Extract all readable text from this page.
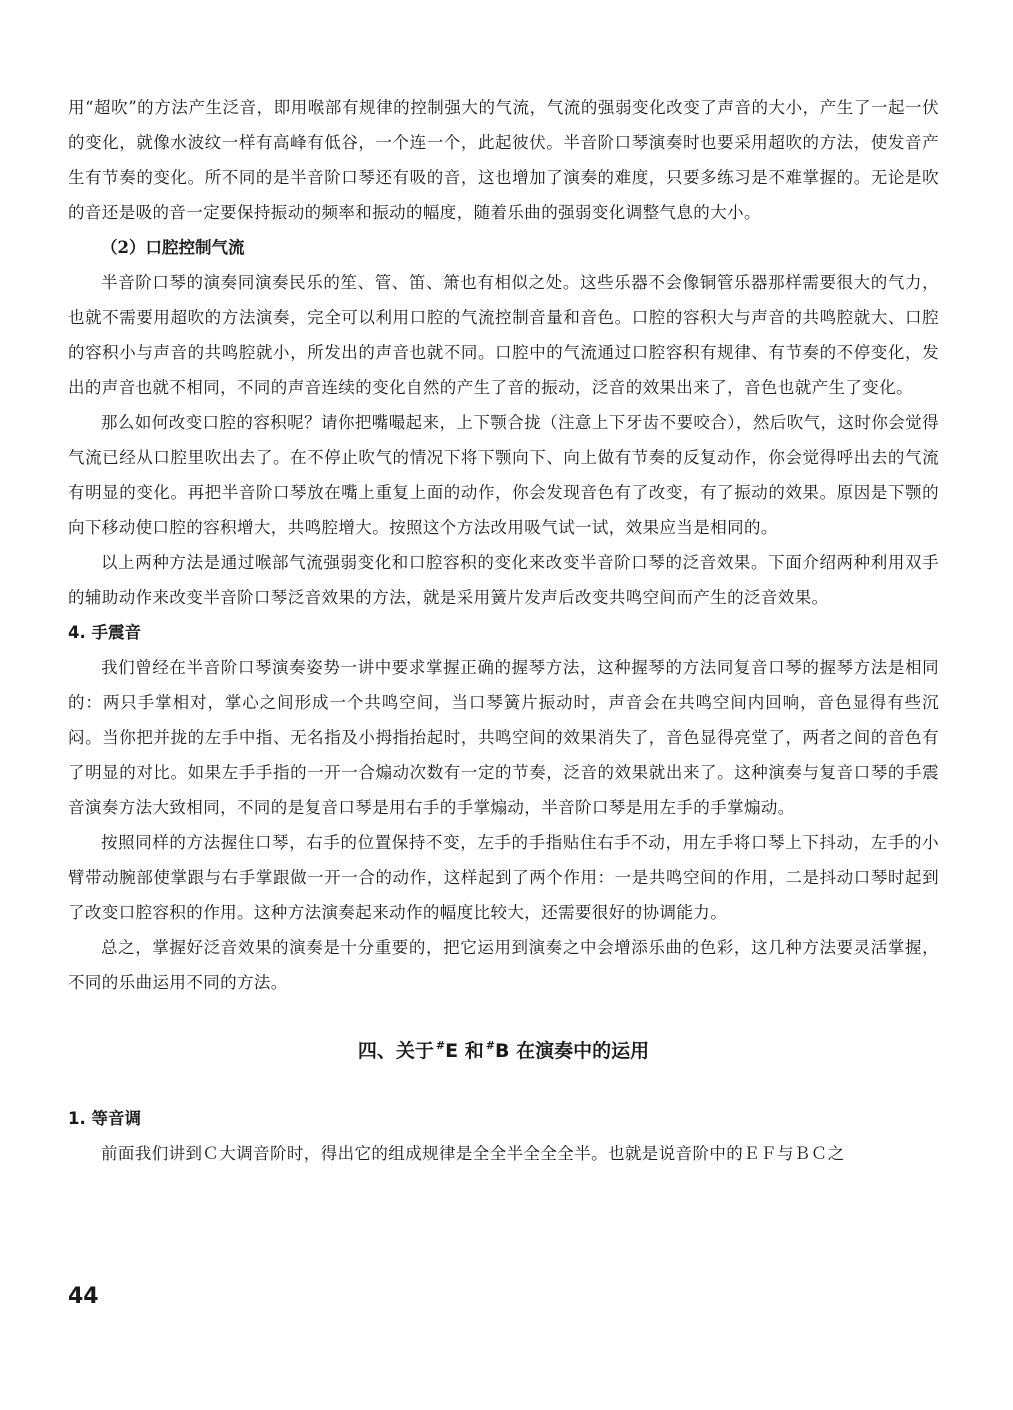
用“超吹”的方法产生泛音，即用喉部有规律的控制强大的气流，气流的强弱变化改变了声音的大小，产生了一起一伏的变化，就像水波纹一样有高峰有低谷，一个连一个，此起彼伏。半音阶口琴演奏时也要采用超吹的方法，使发音产生有节奏的变化。所不同的是半音阶口琴还有吸的音，这也增加了演奏的难度，只要多练习是不难掌握的。无论是吹的音还是吸的音一定要保持振动的频率和振动的幅度，随着乐曲的强弱变化调整气息的大小。

（2）口腔控制气流

半音阶口琴的演奏同演奏民乐的笙、管、笛、箫也有相似之处。这些乐器不会像铜管乐器那样需要很大的气力，也就不需要用超吹的方法演奏，完全可以利用口腔的气流控制音量和音色。口腔的容积大与声音的共鸣腔就大、口腔的容积小与声音的共鸣腔就小，所发出的声音也就不同。口腔中的气流通过口腔容积有规律、有节奏的不停变化，发出的声音也就不相同，不同的声音连续的变化自然的产生了音的振动，泛音的效果出来了，音色也就产生了变化。

那么如何改变口腔的容积呢？请你把嘴嘬起来，上下颚合拢（注意上下牙齿不要咬合），然后吹气，这时你会觉得气流已经从口腔里吹出去了。在不停止吹气的情况下将下颚向下、向上做有节奏的反复动作，你会觉得呼出去的气流有明显的变化。再把半音阶口琴放在嘴上重复上面的动作，你会发现音色有了改变，有了振动的效果。原因是下颚的向下移动使口腔的容积增大，共鸣腔增大。按照这个方法改用吸气试一试，效果应当是相同的。

以上两种方法是通过喉部气流强弱变化和口腔容积的变化来改变半音阶口琴的泛音效果。下面介绍两种利用双手的辅助动作来改变半音阶口琴泛音效果的方法，就是采用簧片发声后改变共鸣空间而产生的泛音效果。

4. 手震音

我们曾经在半音阶口琴演奏姿势一讲中要求掌握正确的握琴方法，这种握琴的方法同复音口琴的握琴方法是相同的：两只手掌相对，掌心之间形成一个共鸣空间，当口琴簧片振动时，声音会在共鸣空间内回响，音色显得有些沉闷。当你把并拢的左手中指、无名指及小拇指抬起时，共鸣空间的效果消失了，音色显得亮堂了，两者之间的音色有了明显的对比。如果左手手指的一开一合煽动次数有一定的节奏，泛音的效果就出来了。这种演奏与复音口琴的手震音演奏方法大致相同，不同的是复音口琴是用右手的手掌煽动，半音阶口琴是用左手的手掌煽动。

按照同样的方法握住口琴，右手的位置保持不变，左手的手指贴住右手不动，用左手将口琴上下抖动，左手的小臂带动腕部使掌跟与右手掌跟做一开一合的动作，这样起到了两个作用：一是共鸣空间的作用，二是抖动口琴时起到了改变口腔容积的作用。这种方法演奏起来动作的幅度比较大，还需要很好的协调能力。

总之，掌握好泛音效果的演奏是十分重要的，把它运用到演奏之中会增添乐曲的色彩，这几种方法要灵活掌握，不同的乐曲运用不同的方法。

四、关于 #E 和 #B 在演奏中的运用
1. 等音调

前面我们讲到Ｃ大调音阶时，得出它的组成规律是全全半全全全半。也就是说音阶中的ＥＦ与ＢＣ之

44
